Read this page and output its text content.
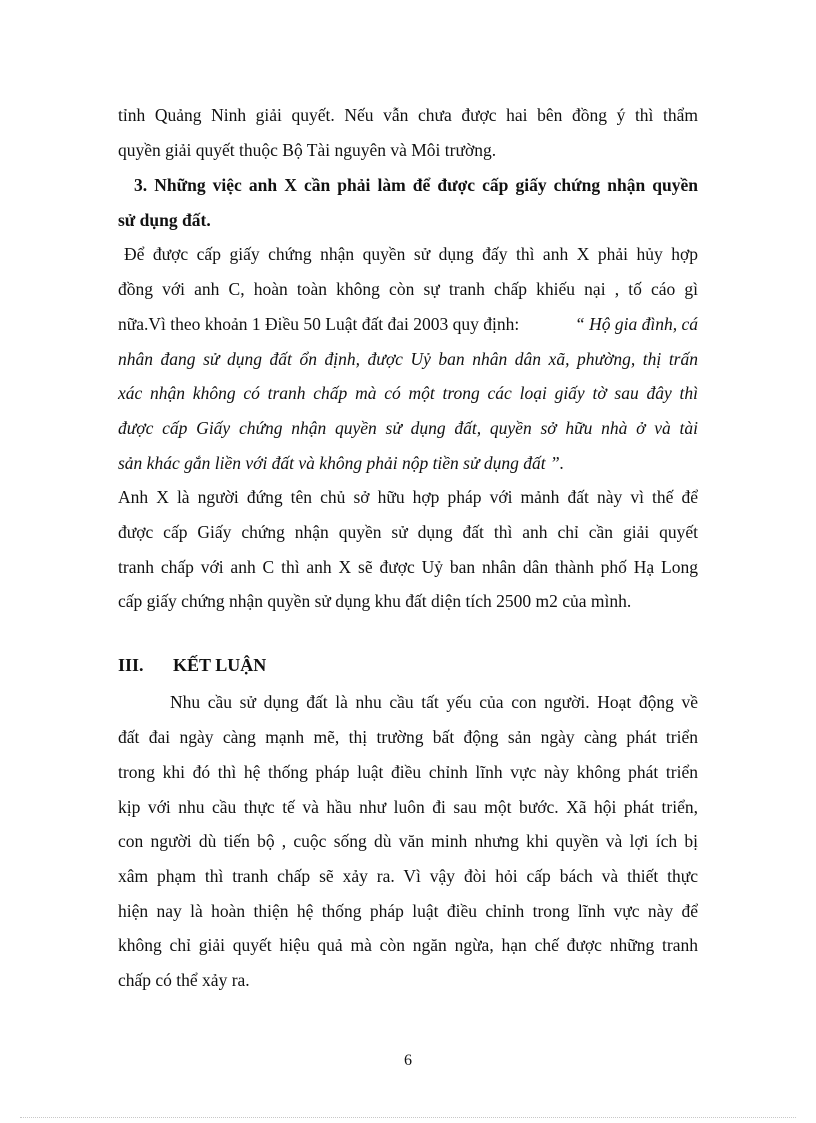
tỉnh Quảng Ninh giải quyết. Nếu vẫn chưa được hai bên đồng ý thì thẩm
quyền giải quyết thuộc Bộ Tài nguyên và Môi trường.
3. Những việc anh X cần phải làm để được cấp giấy chứng nhận quyền
sử dụng đất.
Để được cấp giấy chứng nhận quyền sử dụng đấy thì anh X phải hủy hợp
đồng với anh C, hoàn toàn không còn sự tranh chấp khiếu nại , tố cáo gì
nữa.Vì theo khoản 1 Điều 50 Luật đất đai 2003 quy định:	“ Hộ gia đình, cá
nhân đang sử dụng đất ổn định, được Uỷ ban nhân dân xã, phường, thị trấn
xác nhận không có tranh chấp mà có một trong các loại giấy tờ sau đây thì
được cấp Giấy chứng nhận quyền sử dụng đất, quyền sở hữu nhà ở và tài
sản khác gắn liền với đất và không phải nộp tiền sử dụng đất ”.
Anh X là người đứng tên chủ sở hữu hợp pháp với mảnh đất này vì thế để
được cấp Giấy chứng nhận quyền sử dụng đất thì anh chỉ cần giải quyết
tranh chấp với anh C thì anh X sẽ được Uỷ ban nhân dân thành phố Hạ Long
cấp giấy chứng nhận quyền sử dụng khu đất diện tích 2500 m2 của mình.
III. KẾT LUẬN
Nhu cầu sử dụng đất là nhu cầu tất yếu của con người. Hoạt động về
đất đai ngày càng mạnh mẽ, thị trường bất động sản ngày càng phát triển
trong khi đó thì hệ thống pháp luật điều chỉnh lĩnh vực này không phát triển
kịp với nhu cầu thực tế và hầu như luôn đi sau một bước. Xã hội phát triển,
con người dù tiến bộ , cuộc sống dù văn minh nhưng khi quyền và lợi ích bị
xâm phạm thì tranh chấp sẽ xảy ra. Vì vậy đòi hỏi cấp bách và thiết thực
hiện nay là hoàn thiện hệ thống pháp luật điều chỉnh trong lĩnh vực này để
không chỉ giải quyết hiệu quả mà còn ngăn ngừa, hạn chế được những tranh
chấp có thể xảy ra.
6
